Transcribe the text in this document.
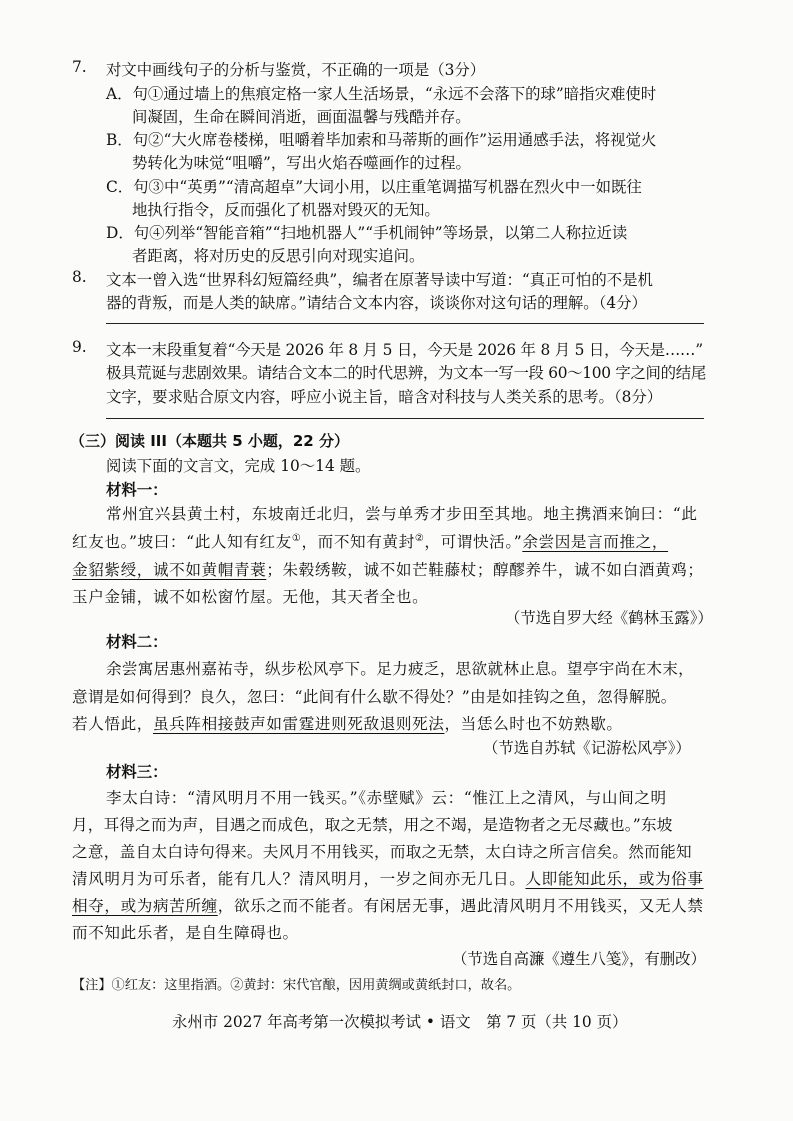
7. 对文中画线句子的分析与鉴赏，不正确的一项是（3分）
A．句①通过墙上的焦痕定格一家人生活场景，“永远不会落下的球”暗指灾难使时
间凝固，生命在瞬间消逝，画面温馨与残酷并存。
B．句②“大火席卷楼梯，咀嚼着毕加索和马蒂斯的画作”运用通感手法，将视觉火
势转化为味觉“咀嚼”，写出火焰吞噬画作的过程。
C．句③中“英勇”“清高超卓”大词小用，以庄重笔调描写机器在烈火中一如既往
地执行指令，反而强化了机器对毁灭的无知。
D．句④列举“智能音箱”“扫地机器人”“手机闹钟”等场景，以第二人称拉近读
者距离，将对历史的反思引向对现实追问。
8. 文本一曾入选“世界科幻短篇经典”，编者在原著导读中写道：“真正可怕的不是机
器的背叛，而是人类的缺席。”请结合文本内容，谈谈你对这句话的理解。（4分）
9. 文本一末段重复着“今天是 2026 年 8 月 5 日，今天是 2026 年 8 月 5 日，今天是……”
极具荒诞与悲剧效果。请结合文本二的时代思辨，为文本一写一段 60～100 字之间的结尾
文字，要求贴合原文内容，呼应小说主旨，暗含对科技与人类关系的思考。（8分）
（三）阅读 III（本题共 5 小题，22 分）
阅读下面的文言文，完成 10～14 题。
材料一：
常州宜兴县黄土村，东坡南迁北归，尝与单秀才步田至其地。地主携酒来饷曰：“此
红友也。”坡曰：“此人知有红友①，而不知有黄封②，可谓快活。”余尝因是言而推之，
金貂紫绶，诚不如黄帽青蓑；朱毂绣鞍，诚不如芒鞋藤杖；醇醪养牛，诚不如白酒黄鸡；
玉户金铺，诚不如松窗竹屋。无他，其天者全也。
（节选自罗大经《鹤林玉露》）
材料二：
余尝寓居惠州嘉祐寺，纵步松风亭下。足力疲乏，思欲就林止息。望亭宇尚在木末，
意谓是如何得到？良久，忽曰：“此间有什么歇不得处？”由是如挂钩之鱼，忽得解脱。
若人悟此，虽兵阵相接鼓声如雷霆进则死敌退则死法，当恁么时也不妨熟歇。
（节选自苏轼《记游松风亭》）
材料三：
李太白诗：“清风明月不用一钱买。”《赤壁赋》云：“惟江上之清风，与山间之明
月，耳得之而为声，目遇之而成色，取之无禁，用之不竭，是造物者之无尽藏也。”东坡
之意，盖自太白诗句得来。夫风月不用钱买，而取之无禁，太白诗之所言信矣。然而能知
清风明月为可乐者，能有几人？清风明月，一岁之间亦无几日。人即能知此乐，或为俗事
相夺，或为病苦所缠，欲乐之而不能者。有闲居无事，遇此清风明月不用钱买，又无人禁
而不知此乐者，是自生障碍也。
（节选自高濂《遵生八笺》，有删改）
【注】①红友：这里指酒。②黄封：宋代官酿，因用黄绸或黄纸封口，故名。
永州市 2027 年高考第一次模拟考试 • 语文　第 7 页（共 10 页）
